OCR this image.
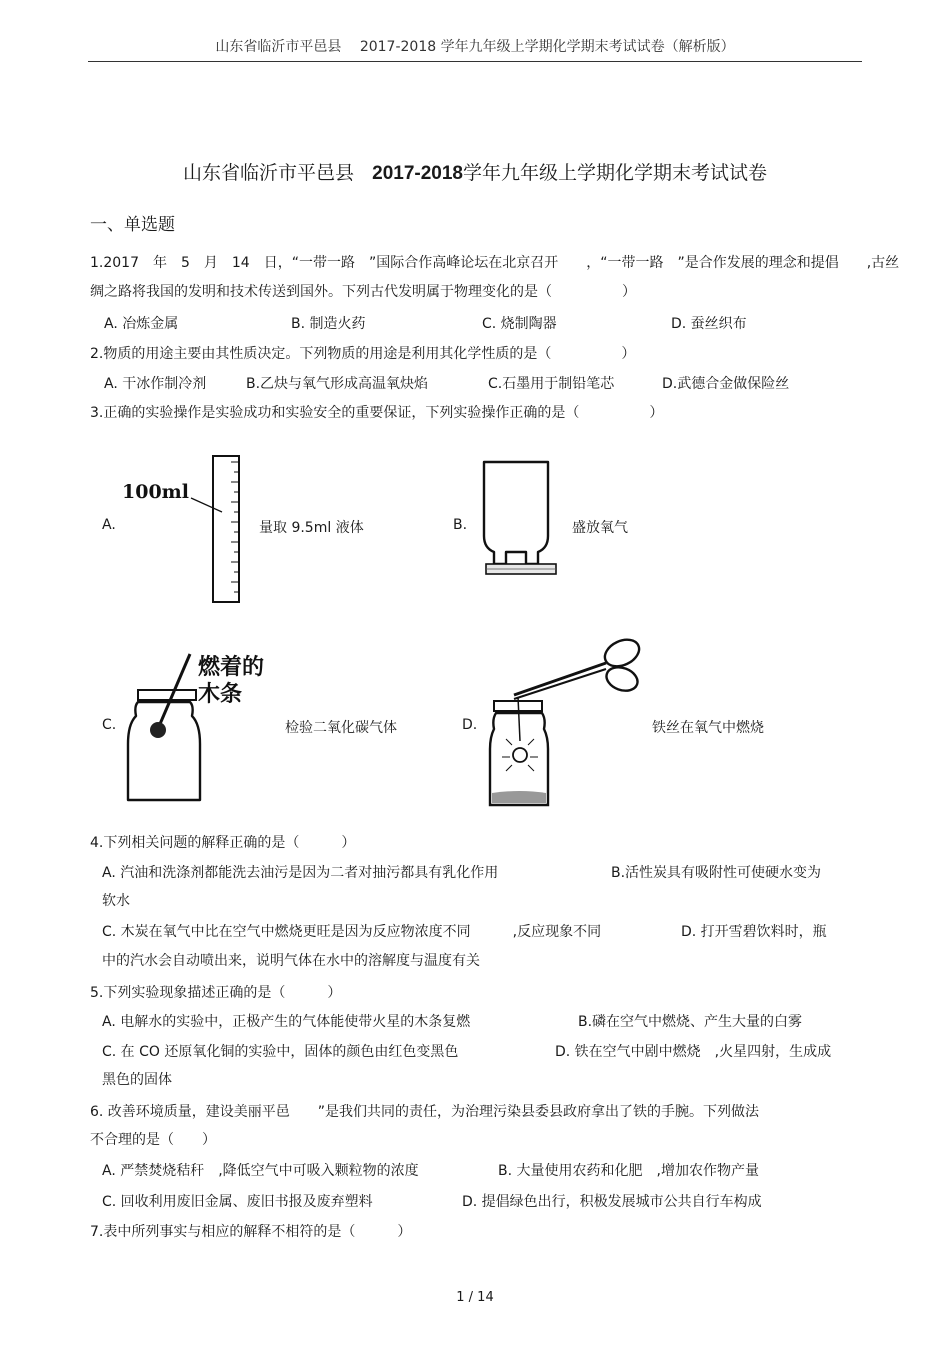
山东省临沂市平邑县　 2017-2018 学年九年级上学期化学期末考试试卷（解析版）
山东省临沂市平邑县 2017-2018学年九年级上学期化学期末考试试卷
一、单选题
1.2017　年　5　月　14　日，“一带一路　”国际合作高峰论坛在北京召开　　，“一带一路　”是合作发展的理念和提倡　　,古丝
绸之路将我国的发明和技术传送到国外。下列古代发明属于物理变化的是（　　　　　）
A. 冶炼金属	B. 制造火药	C. 烧制陶器	D. 蚕丝织布
2.物质的用途主要由其性质决定。下列物质的用途是利用其化学性质的是（　　　　　）
A. 干冰作制冷剂	B.乙炔与氧气形成高温氧炔焰	C.石墨用于制铅笔芯	D.武德合金做保险丝
3.正确的实验操作是实验成功和实验安全的重要保证，下列实验操作正确的是（　　　　　）
A.
100ml
量取 9.5ml 液体	B.	盛放氧气
C.
燃着的
木条
检验二氧化碳气体	D.	铁丝在氧气中燃烧
4.下列相关问题的解释正确的是（　　　）
A. 汽油和洗涤剂都能洗去油污是因为二者对抽污都具有乳化作用	B.活性炭具有吸附性可使硬水变为
软水
C. 木炭在氧气中比在空气中燃烧更旺是因为反应物浓度不同　　　,反应现象不同	D. 打开雪碧饮料时，瓶
中的汽水会自动喷出来，说明气体在水中的溶解度与温度有关
5.下列实验现象描述正确的是（　　　）
A. 电解水的实验中，正极产生的气体能使带火星的木条复燃	B.磷在空气中燃烧、产生大量的白雾
C. 在 CO 还原氧化铜的实验中，固体的颜色由红色变黑色	D. 铁在空气中剧中燃烧　,火星四射，生成成
黑色的固体
6. 改善环境质量，建设美丽平邑　　”是我们共同的责任，为治理污染县委县政府拿出了铁的手腕。下列做法
不合理的是（　　）
A. 严禁焚烧秸秆　,降低空气中可吸入颗粒物的浓度	B. 大量使用农药和化肥　,增加农作物产量
C. 回收利用废旧金属、废旧书报及废弃塑料	D. 提倡绿色出行，积极发展城市公共自行车构成
7.表中所列事实与相应的解释不相符的是（　　　）
1 / 14
